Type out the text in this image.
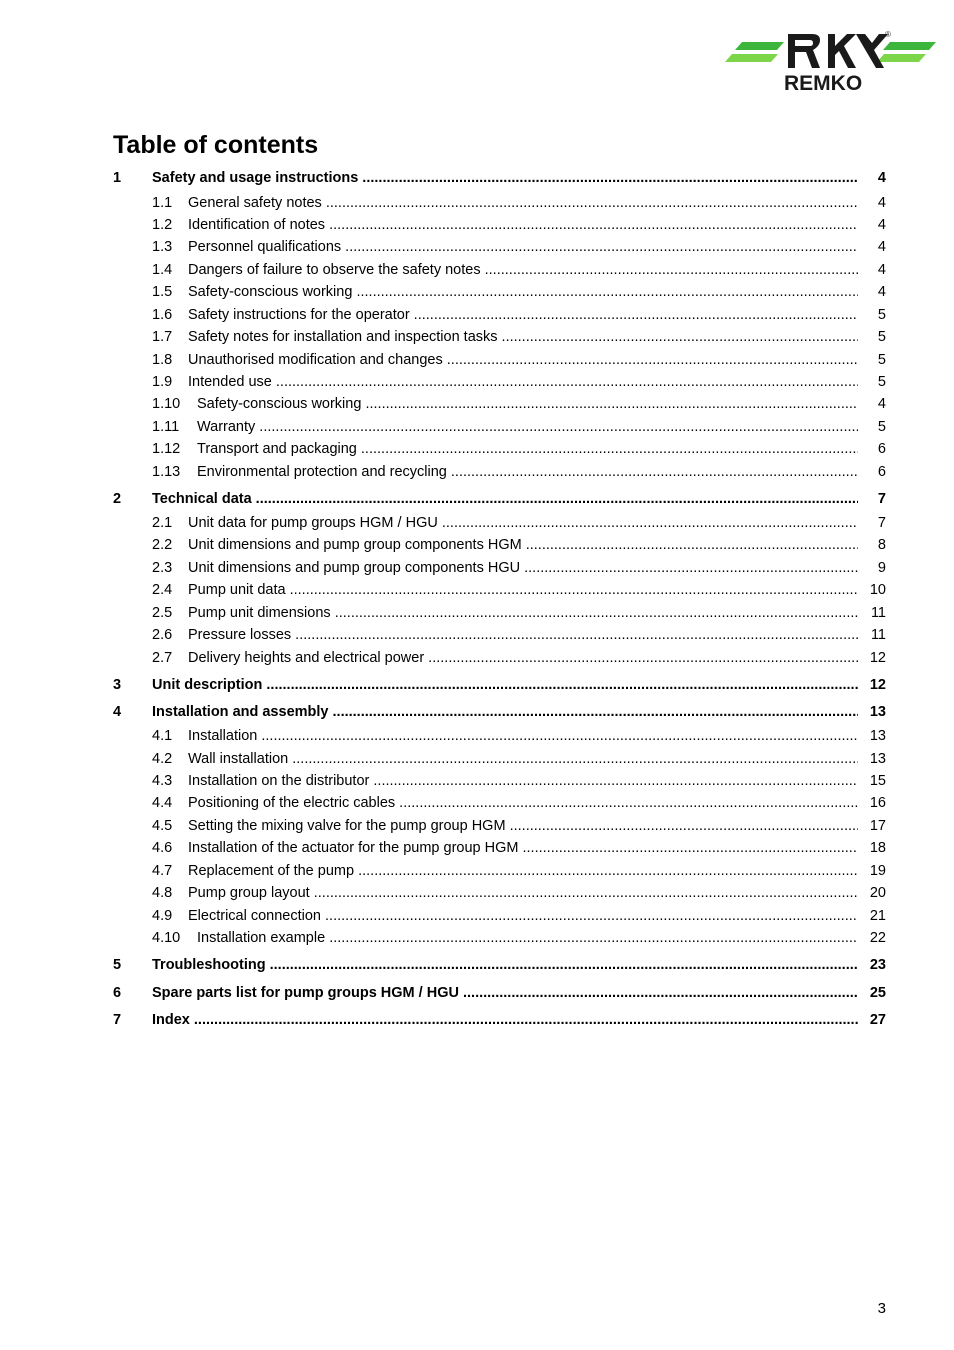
REMKO
®
Table of contents
1 Safety and usage instructions .....	4
1.1 General safety notes .....	4
1.2 Identification of notes .....	4
1.3 Personnel qualifications .....	4
1.4 Dangers of failure to observe the safety notes .....	4
1.5 Safety-conscious working .....	4
1.6 Safety instructions for the operator .....	5
1.7 Safety notes for installation and inspection tasks .....	5
1.8 Unauthorised modification and changes .....	5
1.9 Intended use .....	5
1.10 Safety-conscious working .....	4
1.11 Warranty .....	5
1.12 Transport and packaging .....	6
1.13 Environmental protection and recycling .....	6
2 Technical data .....	7
2.1 Unit data for pump groups HGM / HGU .....	7
2.2 Unit dimensions and pump group components HGM .....	8
2.3 Unit dimensions and pump group components HGU .....	9
2.4 Pump unit data .....	10
2.5 Pump unit dimensions .....	11
2.6 Pressure losses .....	11
2.7 Delivery heights and electrical power .....	12
3 Unit description .....	12
4 Installation and assembly .....	13
4.1 Installation .....	13
4.2 Wall installation .....	13
4.3 Installation on the distributor .....	15
4.4 Positioning of the electric cables .....	16
4.5 Setting the mixing valve for the pump group HGM .....	17
4.6 Installation of the actuator for the pump group HGM .....	18
4.7 Replacement of the pump .....	19
4.8 Pump group layout .....	20
4.9 Electrical connection .....	21
4.10 Installation example .....	22
5 Troubleshooting .....	23
6 Spare parts list for pump groups HGM / HGU .....	25
7 Index .....	27
3
